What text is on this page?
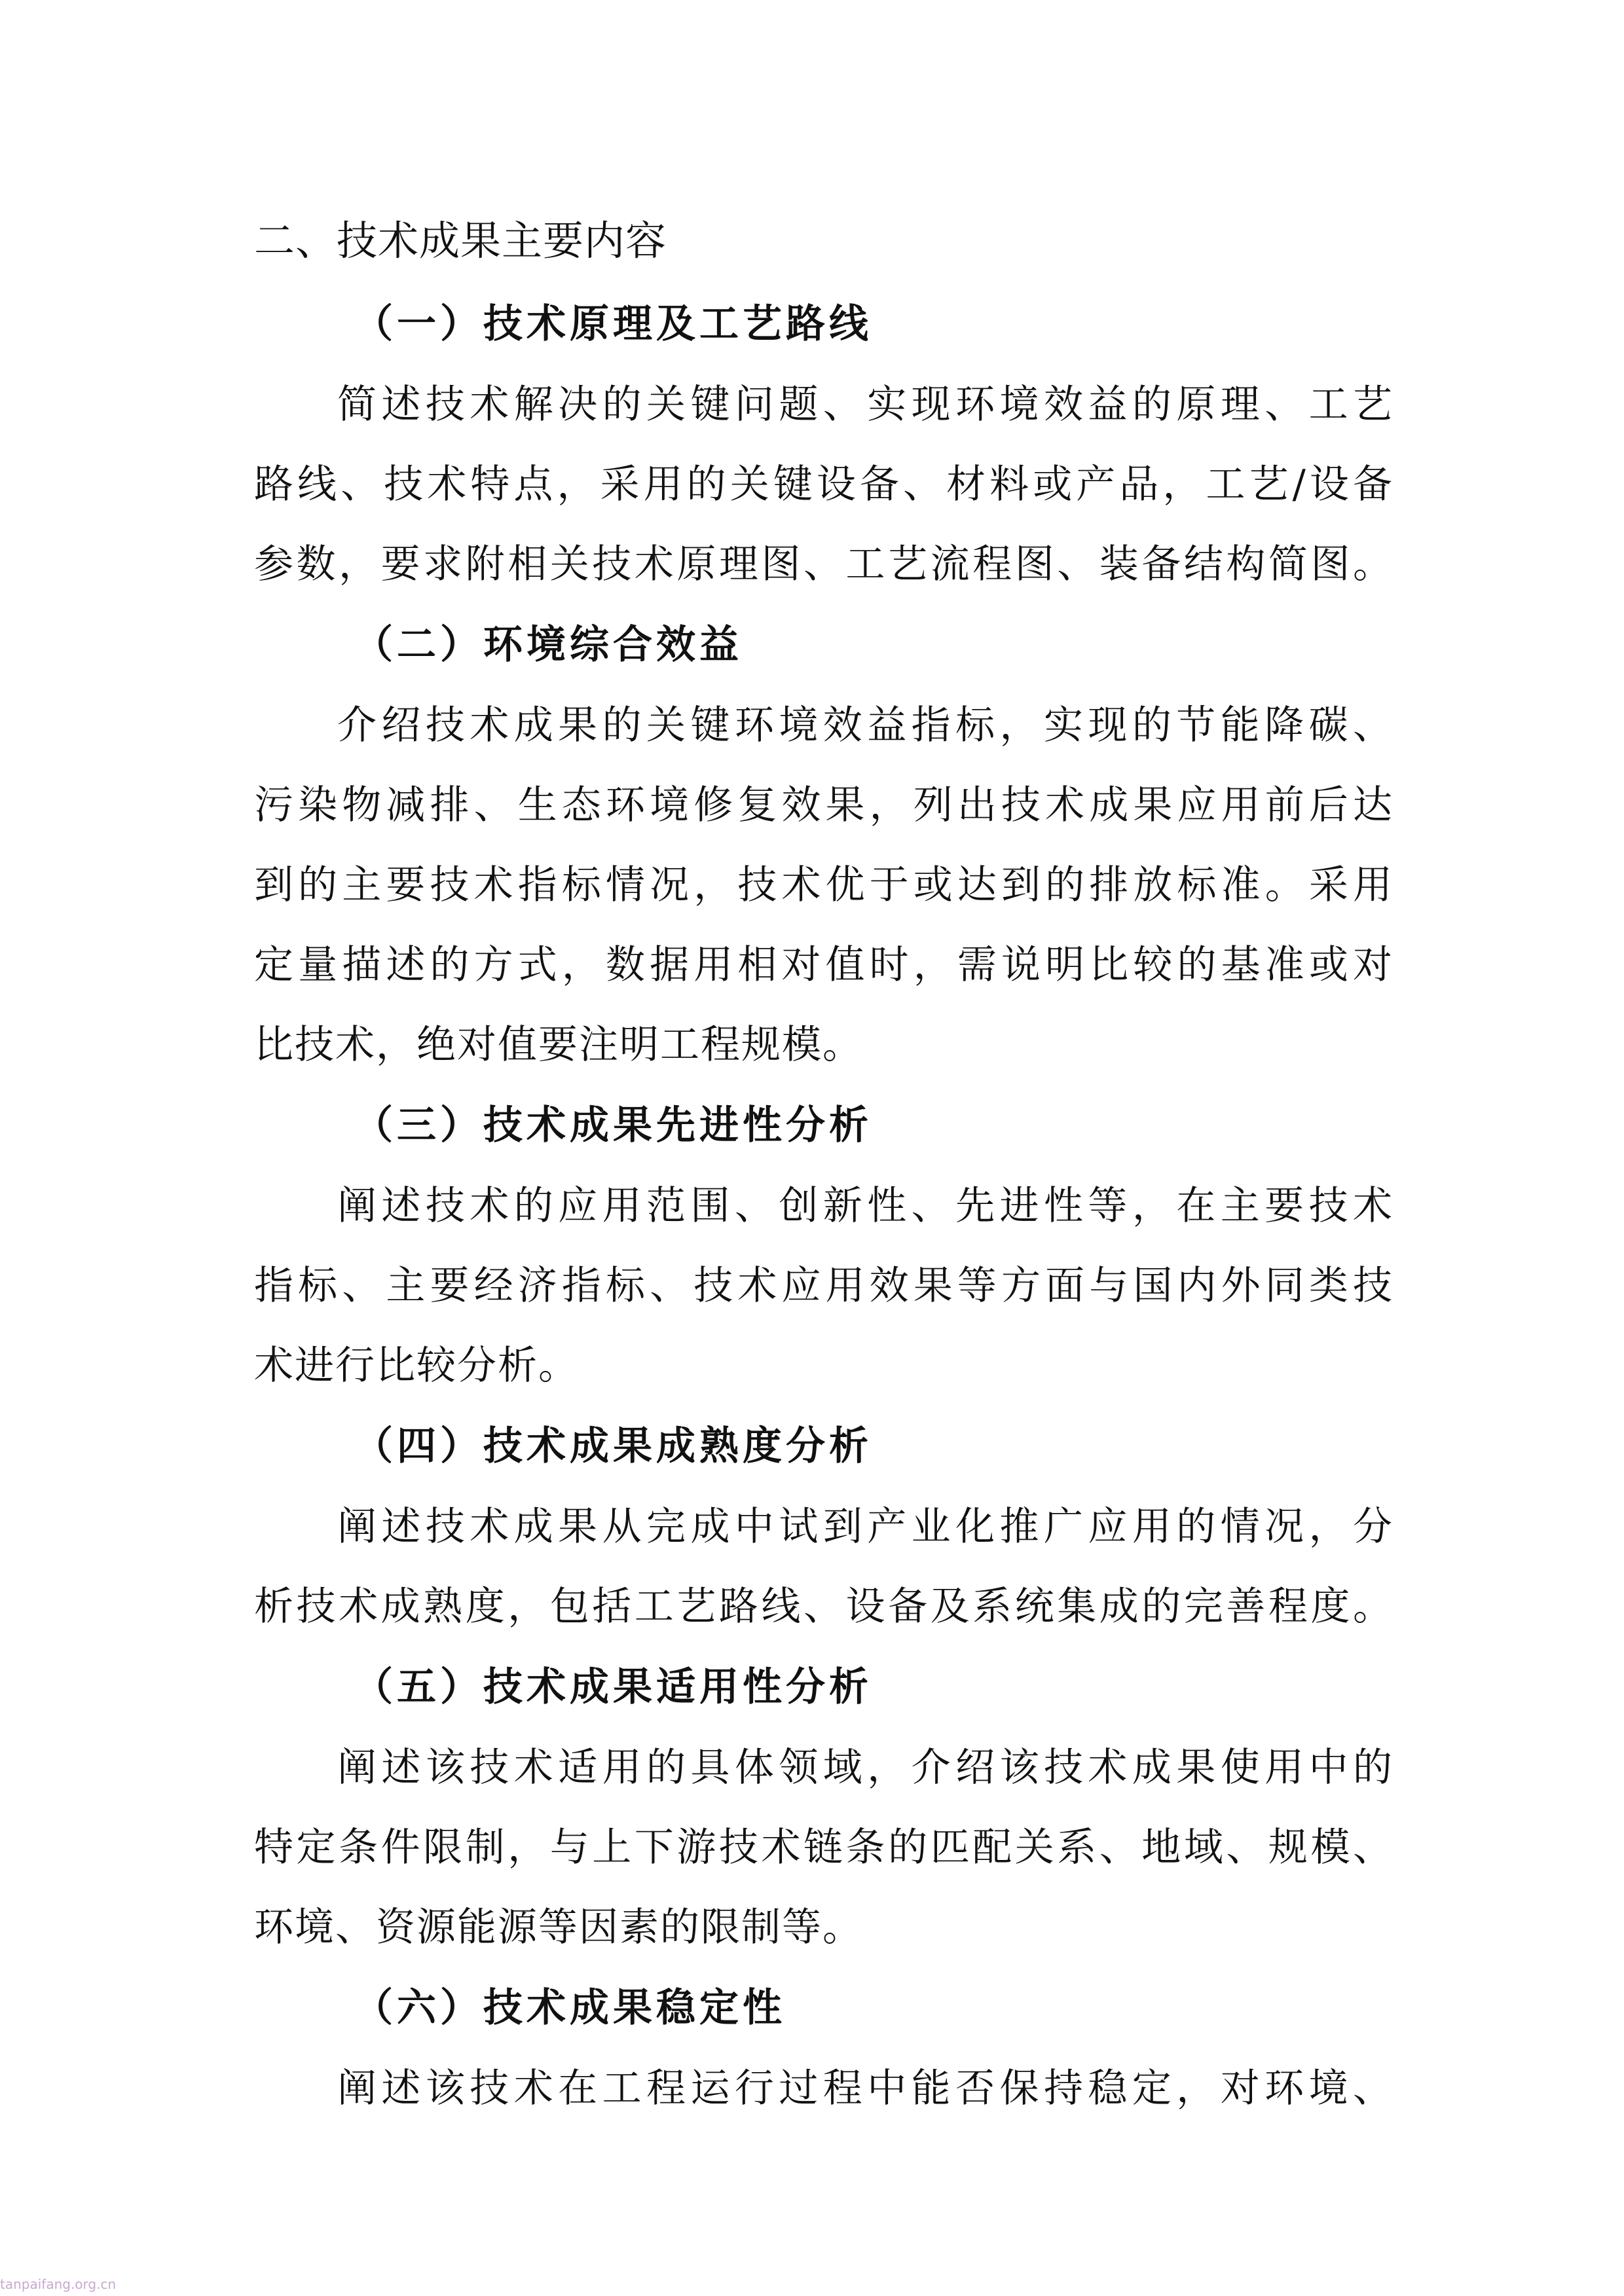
二、技术成果主要内容
（一）技术原理及工艺路线
简述技术解决的关键问题、实现环境效益的原理、工艺
路线、技术特点，采用的关键设备、材料或产品，工艺/设备
参数，要求附相关技术原理图、工艺流程图、装备结构简图。
（二）环境综合效益
介绍技术成果的关键环境效益指标，实现的节能降碳、
污染物减排、生态环境修复效果，列出技术成果应用前后达
到的主要技术指标情况，技术优于或达到的排放标准。采用
定量描述的方式，数据用相对值时，需说明比较的基准或对
比技术，绝对值要注明工程规模。
（三）技术成果先进性分析
阐述技术的应用范围、创新性、先进性等，在主要技术
指标、主要经济指标、技术应用效果等方面与国内外同类技
术进行比较分析。
（四）技术成果成熟度分析
阐述技术成果从完成中试到产业化推广应用的情况，分
析技术成熟度，包括工艺路线、设备及系统集成的完善程度。
（五）技术成果适用性分析
阐述该技术适用的具体领域，介绍该技术成果使用中的
特定条件限制，与上下游技术链条的匹配关系、地域、规模、
环境、资源能源等因素的限制等。
（六）技术成果稳定性
阐述该技术在工程运行过程中能否保持稳定，对环境、
tanpaifang.org.cn
